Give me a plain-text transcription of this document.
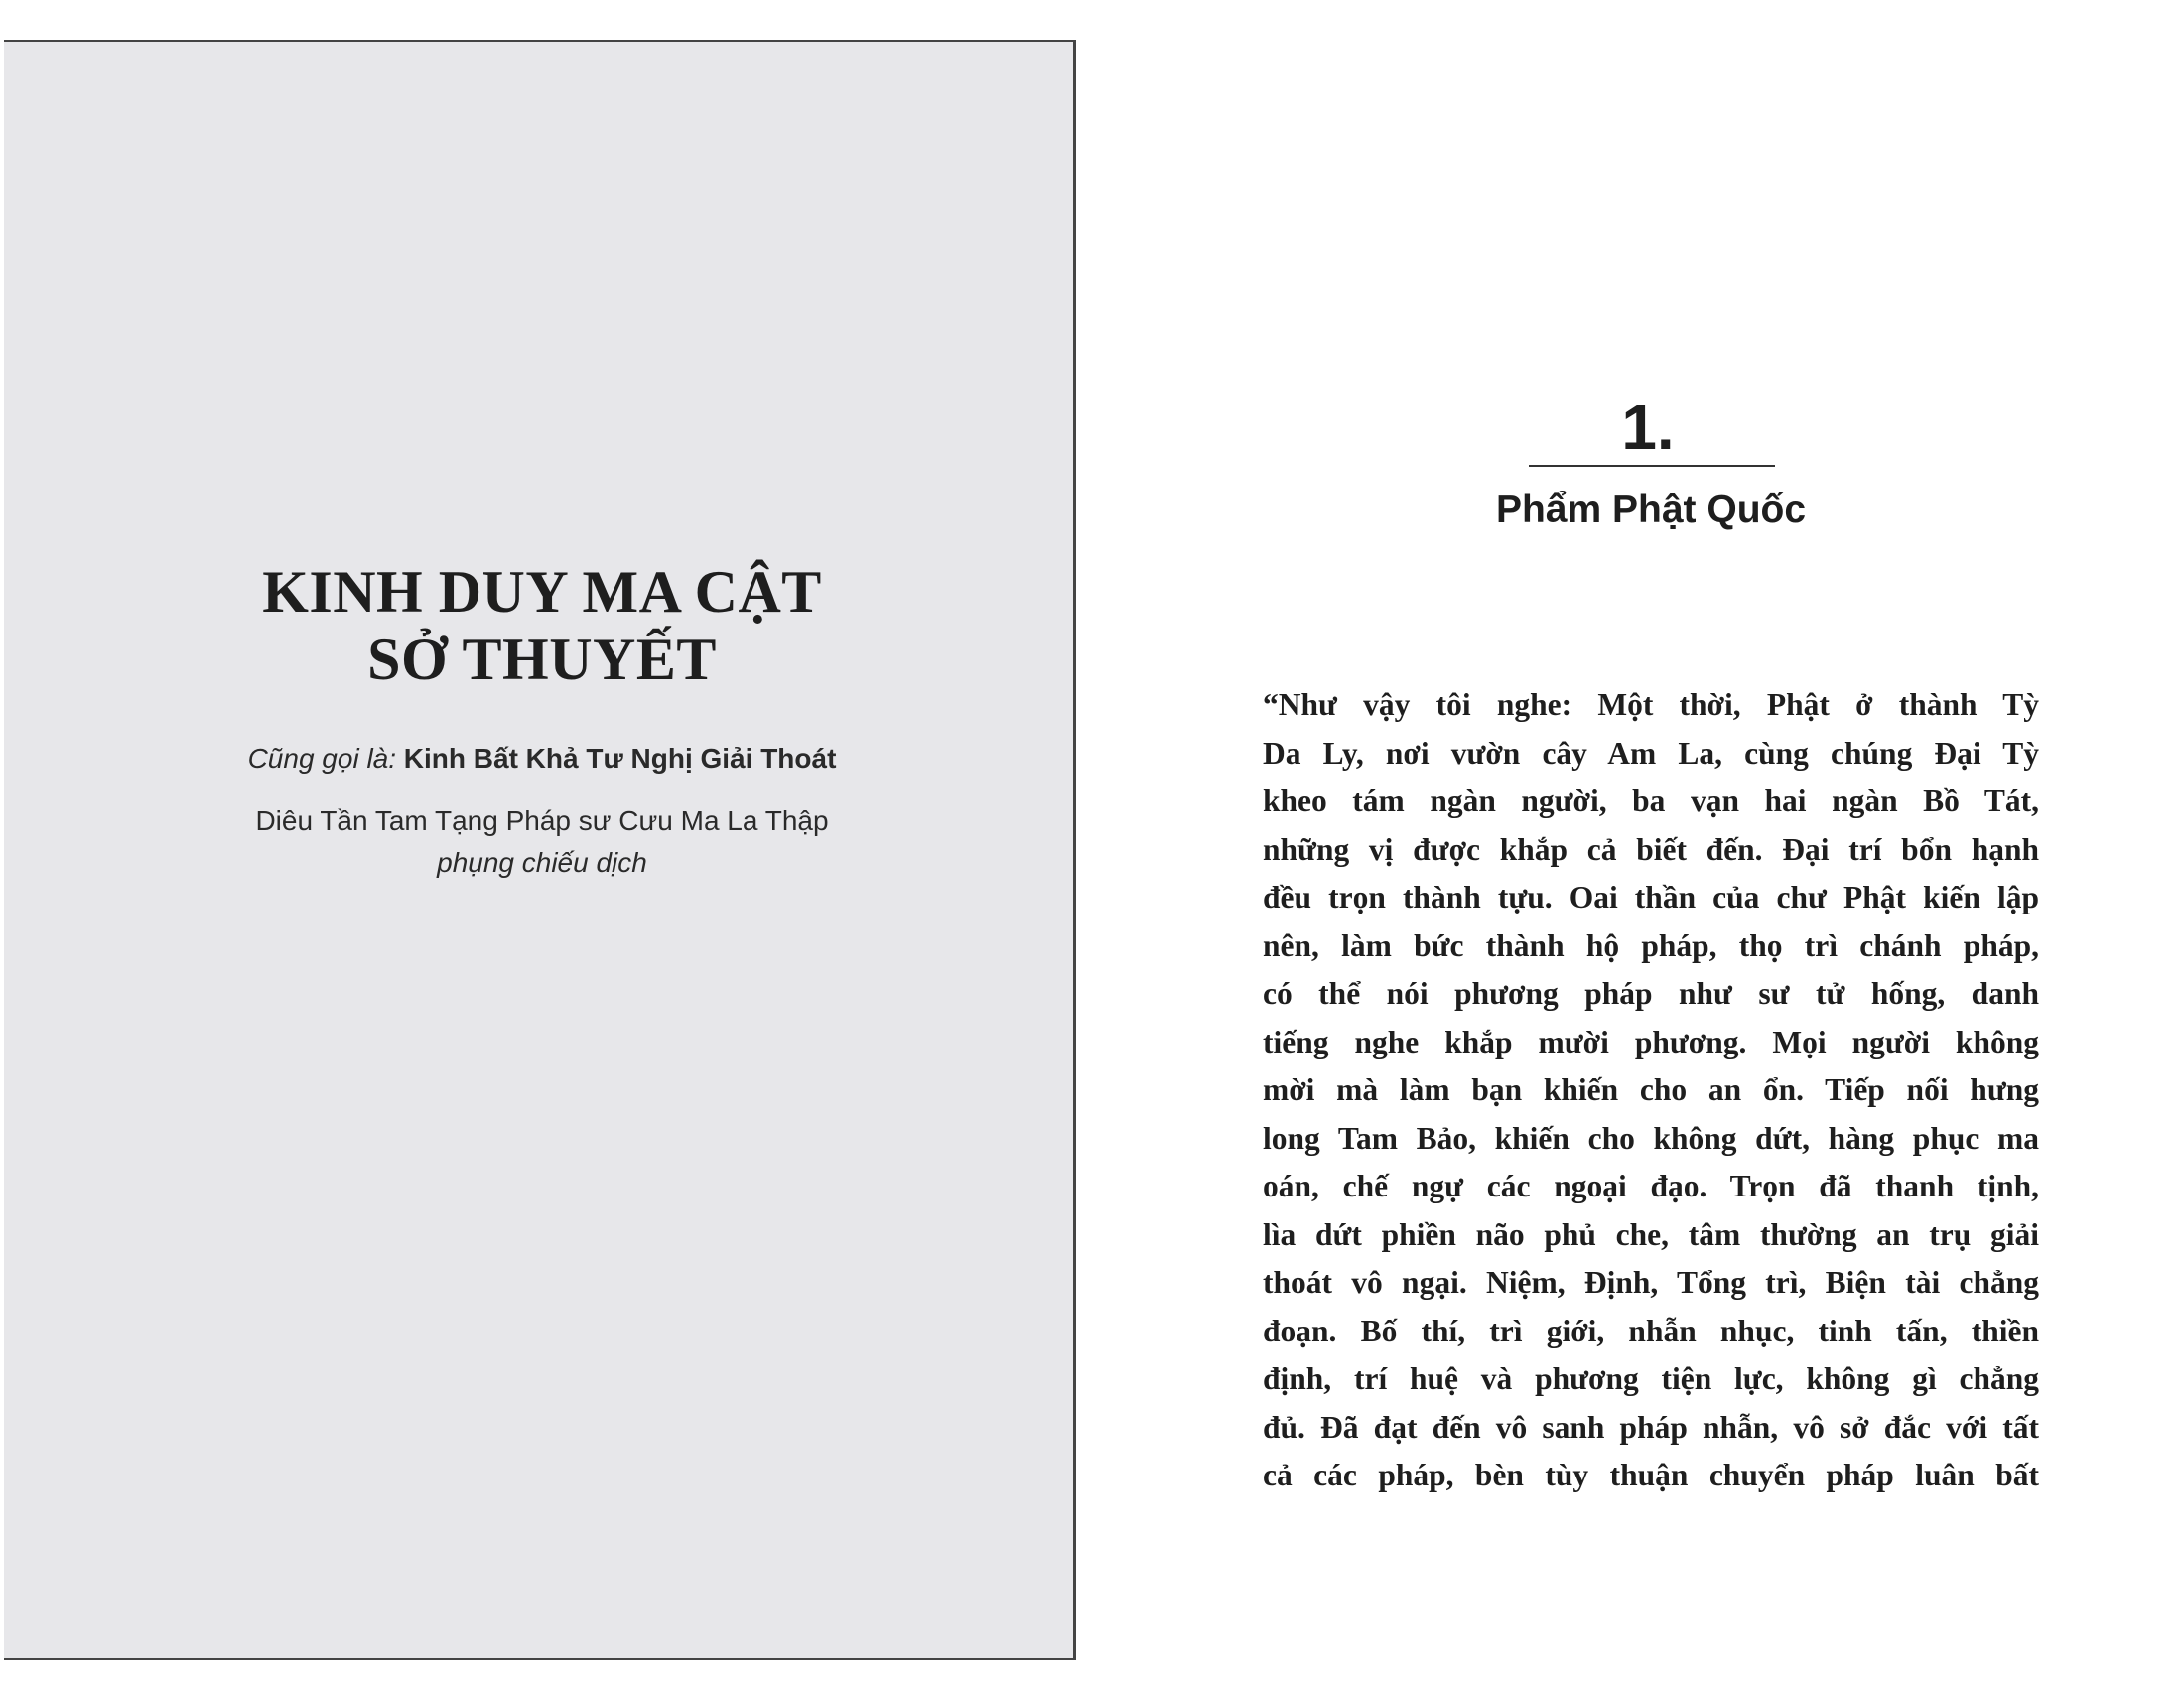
KINH DUY MA CẬT
SỞ THUYẾT
Cũng gọi là: Kinh Bất Khả Tư Nghị Giải Thoát
Diêu Tần Tam Tạng Pháp sư Cưu Ma La Thập
phụng chiếu dịch
1.
Phẩm Phật Quốc

“Như vậy tôi nghe: Một thời, Phật ở thành Tỳ
Da Ly, nơi vườn cây Am La, cùng chúng Đại Tỳ
kheo tám ngàn người, ba vạn hai ngàn Bồ Tát,
những vị được khắp cả biết đến. Đại trí bổn hạnh
đều trọn thành tựu. Oai thần của chư Phật kiến lập
nên, làm bức thành hộ pháp, thọ trì chánh pháp,
có thể nói phương pháp như sư tử hống, danh
tiếng nghe khắp mười phương. Mọi người không
mời mà làm bạn khiến cho an ổn. Tiếp nối hưng
long Tam Bảo, khiến cho không dứt, hàng phục ma
oán, chế ngự các ngoại đạo. Trọn đã thanh tịnh,
lìa dứt phiền não phủ che, tâm thường an trụ giải
thoát vô ngại. Niệm, Định, Tổng trì, Biện tài chẳng
đoạn. Bố thí, trì giới, nhẫn nhục, tinh tấn, thiền
định, trí huệ và phương tiện lực, không gì chẳng
đủ. Đã đạt đến vô sanh pháp nhẫn, vô sở đắc với tất
cả các pháp, bèn tùy thuận chuyển pháp luân bất
